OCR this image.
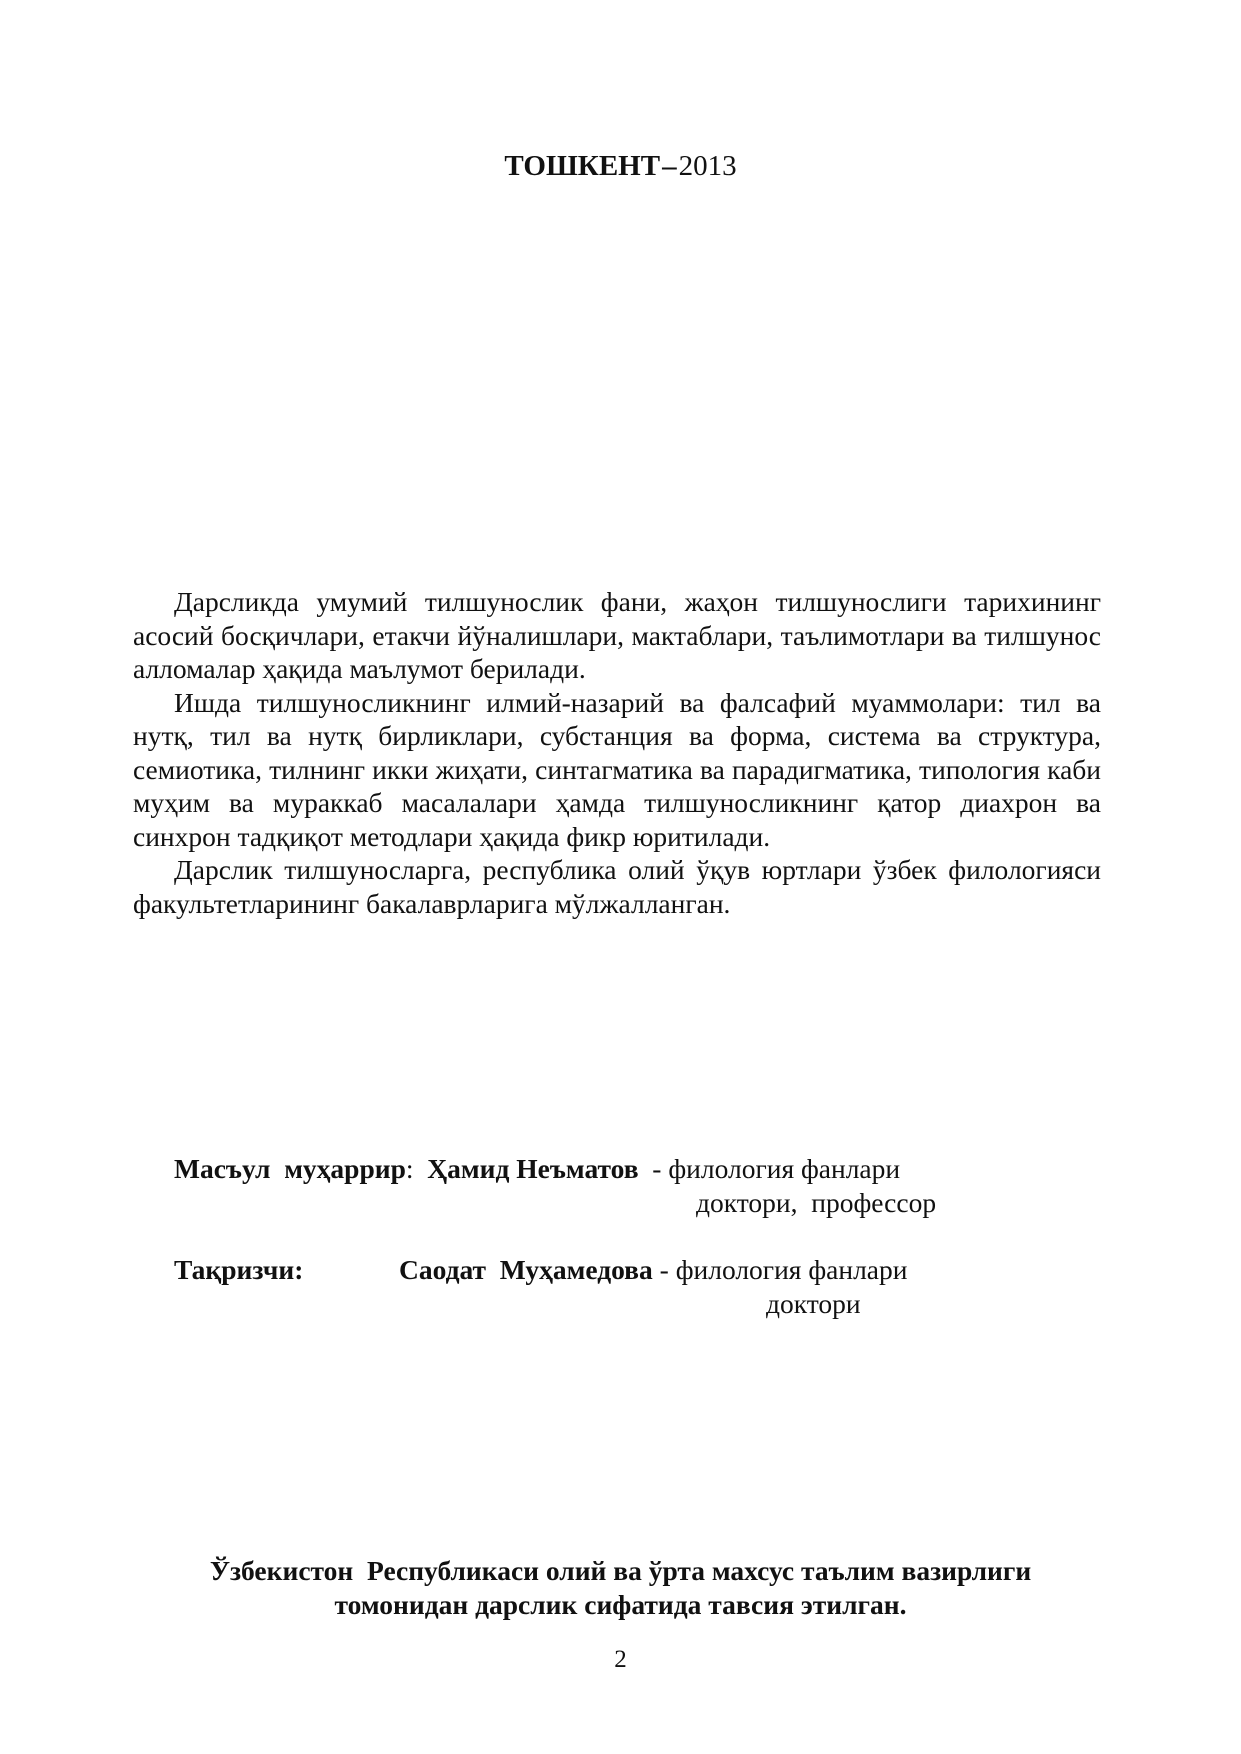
ТОШКЕНТ–2013

Дарсликда умумий тилшунослик фани, жаҳон тилшунослиги тарихининг асосий босқичлари, етакчи йўналишлари, мактаблари, таълимотлари ва тилшунос алломалар ҳақида маълумот берилади.

Ишда тилшуносликнинг илмий-назарий ва фалсафий муаммолари: тил ва нутқ, тил ва нутқ бирликлари, субстанция ва форма, система ва структура, семиотика, тилнинг икки жиҳати, синтагматика ва парадигматика, типология каби муҳим ва мураккаб масалалари ҳамда тилшуносликнинг қатор диахрон ва синхрон тадқиқот методлари ҳақида фикр юритилади.

Дарслик тилшуносларга, республика олий ўқув юртлари ўзбек филологияси факультетларининг бакалаврларига мўлжалланган.

Масъул  муҳаррир:  Ҳамид Неъматов  - филология фанлари
доктори,  профессор
Тақризчи:	Саодат  Муҳамедова - филология фанлари
доктори
Ўзбекистон  Республикаси олий ва ўрта махсус таълим вазирлиги
томонидан дарслик сифатида тавсия этилган.
2
